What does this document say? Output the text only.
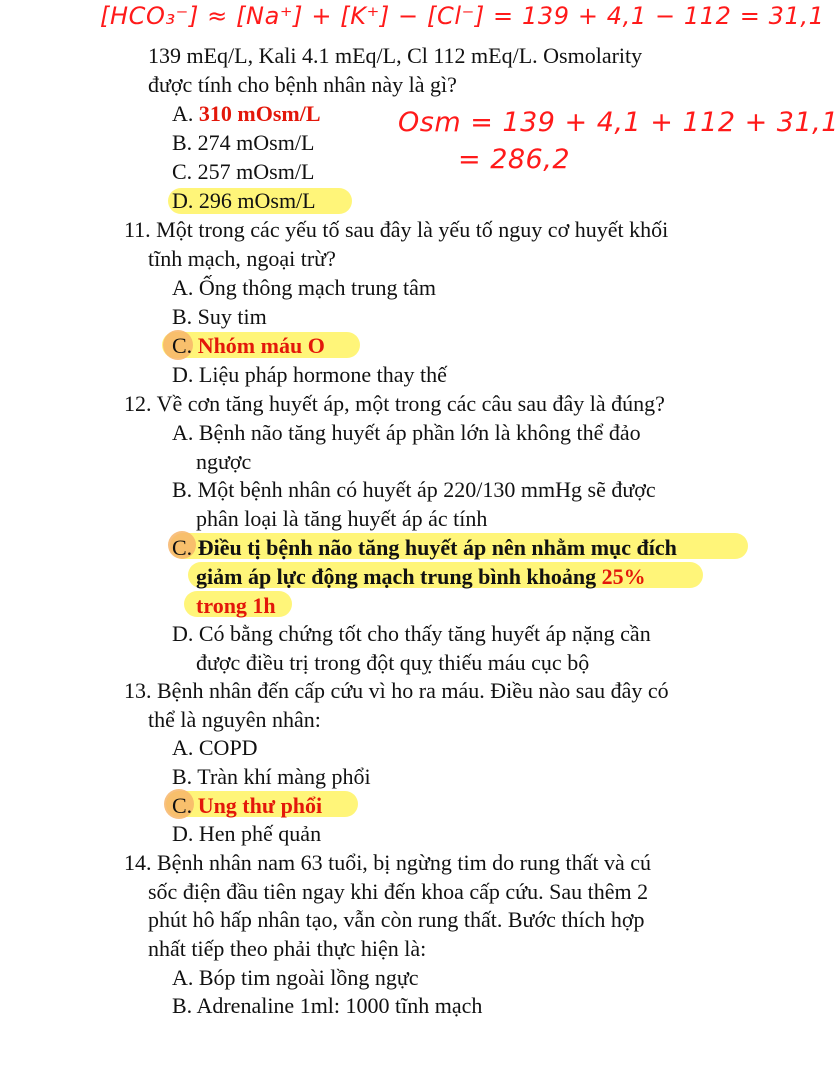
[HCO₃⁻] ≈ [Na⁺] + [K⁺] − [Cl⁻] = 139 + 4,1 − 112 = 31,1
Osm = 139 + 4,1 + 112 + 31,1
= 286,2
139 mEq/L, Kali 4.1 mEq/L, Cl 112 mEq/L. Osmolarity
được tính cho bệnh nhân này là gì?
A. 310 mOsm/L
B. 274 mOsm/L
C. 257 mOsm/L
D. 296 mOsm/L
11. Một trong các yếu tố sau đây là yếu tố nguy cơ huyết khối
tĩnh mạch, ngoại trừ?
A. Ống thông mạch trung tâm
B. Suy tim
C. Nhóm máu O
D. Liệu pháp hormone thay thế
12. Về cơn tăng huyết áp, một trong các câu sau đây là đúng?
A. Bệnh não tăng huyết áp phần lớn là không thể đảo
ngược
B. Một bệnh nhân có huyết áp 220/130 mmHg sẽ được
phân loại là tăng huyết áp ác tính
C. Điều tị bệnh não tăng huyết áp nên nhằm mục đích
giảm áp lực động mạch trung bình khoảng 25%
trong 1h
D. Có bằng chứng tốt cho thấy tăng huyết áp nặng cần
được điều trị trong đột quỵ thiếu máu cục bộ
13. Bệnh nhân đến cấp cứu vì ho ra máu. Điều nào sau đây có
thể là nguyên nhân:
A. COPD
B. Tràn khí màng phổi
C. Ung thư phổi
D. Hen phế quản
14. Bệnh nhân nam 63 tuổi, bị ngừng tim do rung thất và cú
sốc điện đầu tiên ngay khi đến khoa cấp cứu. Sau thêm 2
phút hô hấp nhân tạo, vẫn còn rung thất. Bước thích hợp
nhất tiếp theo phải thực hiện là:
A. Bóp tim ngoài lồng ngực
B. Adrenaline 1ml: 1000 tĩnh mạch
